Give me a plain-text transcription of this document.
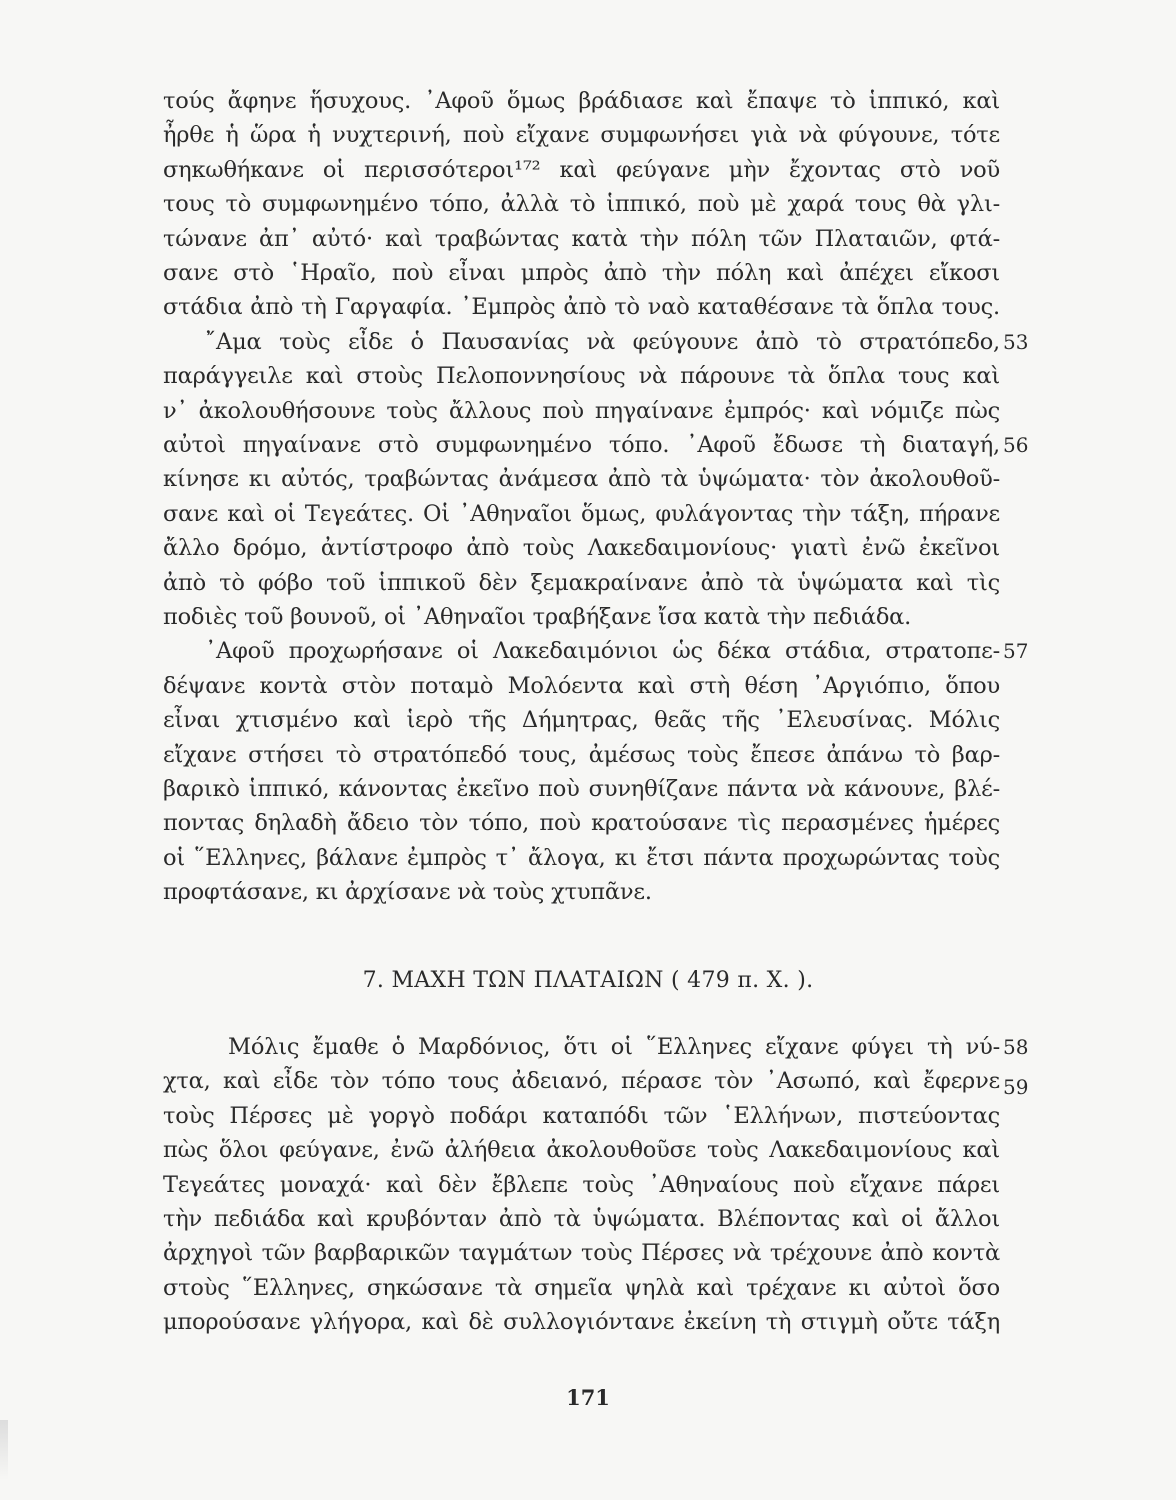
τούς ἄφηνε ἥσυχους. ᾿Αφοῦ ὅμως βράδιασε καὶ ἔπαψε τὸ ἱππικό, καὶ
ἦρθε ἡ ὥρα ἡ νυχτερινή, ποὺ εἴχανε συμφωνήσει γιὰ νὰ φύγουνε, τότε
σηκωθήκανε οἱ περισσότεροι¹⁷² καὶ φεύγανε μὴν ἔχοντας στὸ νοῦ
τους τὸ συμφωνημένο τόπο, ἀλλὰ τὸ ἱππικό, ποὺ μὲ χαρά τους θὰ γλι-
τώνανε ἀπ᾿ αὐτό· καὶ τραβώντας κατὰ τὴν πόλη τῶν Πλαταιῶν, φτά-
σανε στὸ ῾Ηραῖο, ποὺ εἶναι μπρὸς ἀπὸ τὴν πόλη καὶ ἀπέχει εἴκοσι
στάδια ἀπὸ τὴ Γαργαφία. ᾿Εμπρὸς ἀπὸ τὸ ναὸ καταθέσανε τὰ ὅπλα τους.
῎Αμα τοὺς εἶδε ὁ Παυσανίας νὰ φεύγουνε ἀπὸ τὸ στρατόπεδο,
παράγγειλε καὶ στοὺς Πελοποννησίους νὰ πάρουνε τὰ ὅπλα τους καὶ
ν᾿ ἀκολουθήσουνε τοὺς ἄλλους ποὺ πηγαίνανε ἐμπρός· καὶ νόμιζε πὼς
αὐτοὶ πηγαίνανε στὸ συμφωνημένο τόπο. ᾿Αφοῦ ἔδωσε τὴ διαταγή,
κίνησε κι αὐτός, τραβώντας ἀνάμεσα ἀπὸ τὰ ὑψώματα· τὸν ἀκολουθοῦ-
σανε καὶ οἱ Τεγεάτες. Οἱ ᾿Αθηναῖοι ὅμως, φυλάγοντας τὴν τάξη, πήρανε
ἄλλο δρόμο, ἀντίστροφο ἀπὸ τοὺς Λακεδαιμονίους· γιατὶ ἐνῶ ἐκεῖνοι
ἀπὸ τὸ φόβο τοῦ ἱππικοῦ δὲν ξεμακραίνανε ἀπὸ τὰ ὑψώματα καὶ τὶς
ποδιὲς τοῦ βουνοῦ, οἱ ᾿Αθηναῖοι τραβήξανε ἴσα κατὰ τὴν πεδιάδα.
᾿Αφοῦ προχωρήσανε οἱ Λακεδαιμόνιοι ὡς δέκα στάδια, στρατοπε-
δέψανε κοντὰ στὸν ποταμὸ Μολόεντα καὶ στὴ θέση ᾿Αργιόπιο, ὅπου
εἶναι χτισμένο καὶ ἱερὸ τῆς Δήμητρας, θεᾶς τῆς ᾿Ελευσίνας. Μόλις
εἴχανε στήσει τὸ στρατόπεδό τους, ἀμέσως τοὺς ἔπεσε ἀπάνω τὸ βαρ-
βαρικὸ ἱππικό, κάνοντας ἐκεῖνο ποὺ συνηθίζανε πάντα νὰ κάνουνε, βλέ-
ποντας δηλαδὴ ἄδειο τὸν τόπο, ποὺ κρατούσανε τὶς περασμένες ἡμέρες
οἱ ῞Ελληνες, βάλανε ἐμπρὸς τ᾿ ἄλογα, κι ἔτσι πάντα προχωρώντας τοὺς
προφτάσανε, κι ἀρχίσανε νὰ τοὺς χτυπᾶνε.
Μόλις ἔμαθε ὁ Μαρδόνιος, ὅτι οἱ ῞Ελληνες εἴχανε φύγει τὴ νύ-
χτα, καὶ εἶδε τὸν τόπο τους ἀδειανό, πέρασε τὸν ᾿Ασωπό, καὶ ἔφερνε
τοὺς Πέρσες μὲ γοργὸ ποδάρι καταπόδι τῶν ῾Ελλήνων, πιστεύοντας
πὼς ὅλοι φεύγανε, ἐνῶ ἀλήθεια ἀκολουθοῦσε τοὺς Λακεδαιμονίους καὶ
Τεγεάτες μοναχά· καὶ δὲν ἔβλεπε τοὺς ᾿Αθηναίους ποὺ εἴχανε πάρει
τὴν πεδιάδα καὶ κρυβόνταν ἀπὸ τὰ ὑψώματα. Βλέποντας καὶ οἱ ἄλλοι
ἀρχηγοὶ τῶν βαρβαρικῶν ταγμάτων τοὺς Πέρσες νὰ τρέχουνε ἀπὸ κοντὰ
στοὺς ῞Ελληνες, σηκώσανε τὰ σημεῖα ψηλὰ καὶ τρέχανε κι αὐτοὶ ὅσο
μπορούσανε γλήγορα, καὶ δὲ συλλογιόντανε ἐκείνη τὴ στιγμὴ οὔτε τάξη
53
56
57
58
59
7. ΜΑΧΗ ΤΩΝ ΠΛΑΤΑΙΩΝ ( 479 π. Χ. ).
171
